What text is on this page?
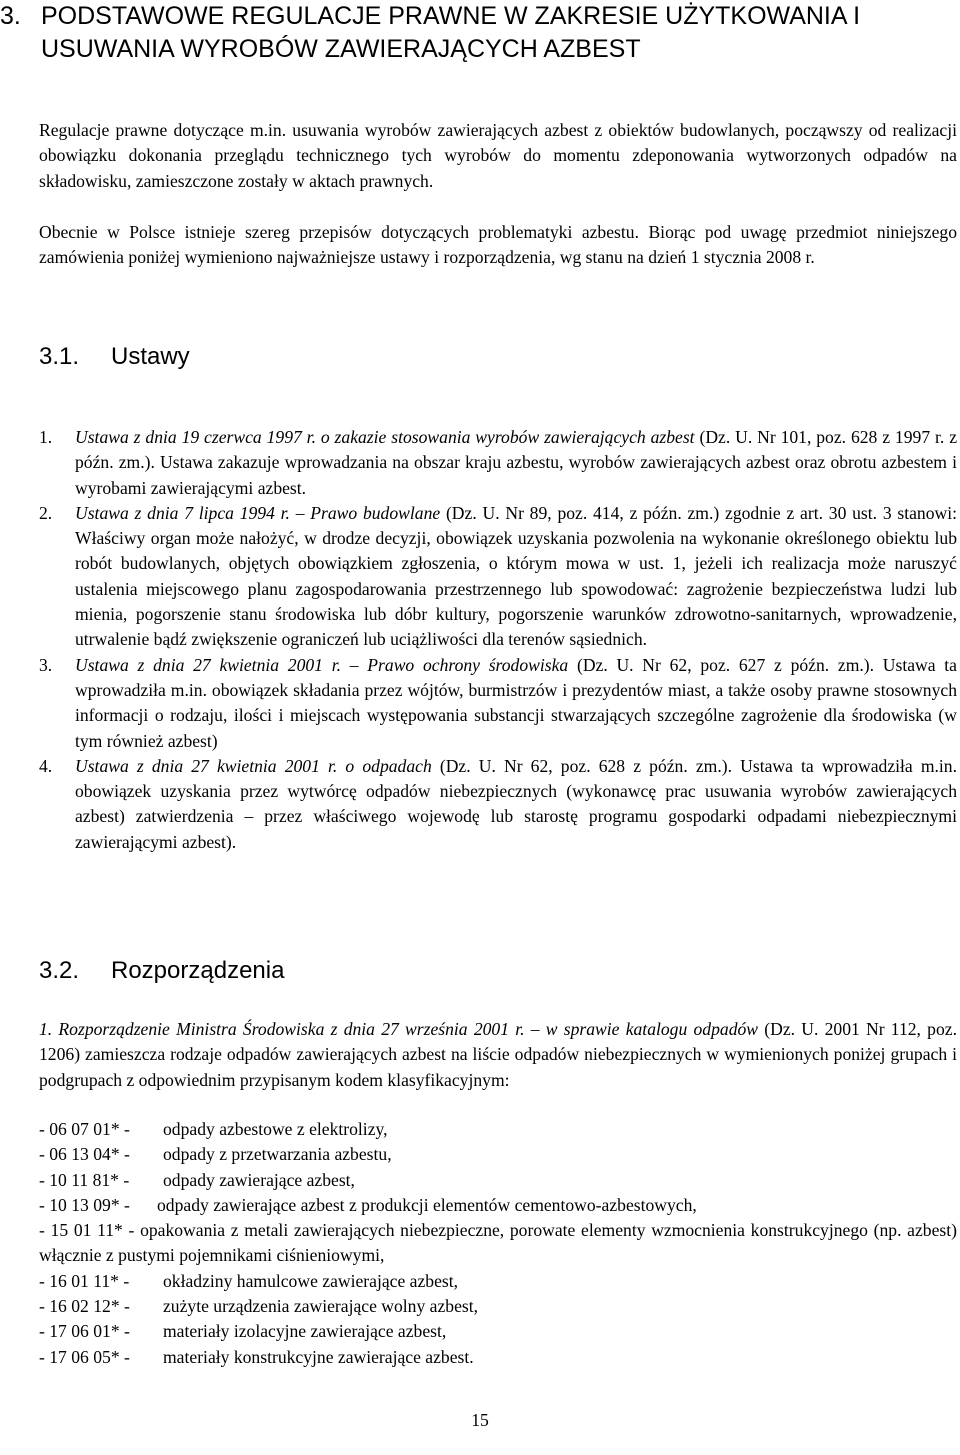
3. PODSTAWOWE REGULACJE PRAWNE W ZAKRESIE UŻYTKOWANIA I USUWANIA WYROBÓW ZAWIERAJĄCYCH AZBEST
Regulacje prawne dotyczące m.in. usuwania wyrobów zawierających azbest z obiektów budowlanych, począwszy od realizacji obowiązku dokonania przeglądu technicznego tych wyrobów do momentu zdeponowania wytworzonych odpadów na składowisku, zamieszczone zostały w aktach prawnych.
Obecnie w Polsce istnieje szereg przepisów dotyczących problematyki azbestu. Biorąc pod uwagę przedmiot niniejszego zamówienia poniżej wymieniono najważniejsze ustawy i rozporządzenia, wg stanu na dzień 1 stycznia 2008 r.
3.1. Ustawy
1. Ustawa z dnia 19 czerwca 1997 r. o zakazie stosowania wyrobów zawierających azbest (Dz. U. Nr 101, poz. 628 z 1997 r. z późn. zm.). Ustawa zakazuje wprowadzania na obszar kraju azbestu, wyrobów zawierających azbest oraz obrotu azbestem i wyrobami zawierającymi azbest.
2. Ustawa z dnia 7 lipca 1994 r. – Prawo budowlane (Dz. U. Nr 89, poz. 414, z późn. zm.) zgodnie z art. 30 ust. 3 stanowi: Właściwy organ może nałożyć, w drodze decyzji, obowiązek uzyskania pozwolenia na wykonanie określonego obiektu lub robót budowlanych, objętych obowiązkiem zgłoszenia, o którym mowa w ust. 1, jeżeli ich realizacja może naruszyć ustalenia miejscowego planu zagospodarowania przestrzennego lub spowodować: zagrożenie bezpieczeństwa ludzi lub mienia, pogorszenie stanu środowiska lub dóbr kultury, pogorszenie warunków zdrowotno-sanitarnych, wprowadzenie, utrwalenie bądź zwiększenie ograniczeń lub uciążliwości dla terenów sąsiednich.
3. Ustawa z dnia 27 kwietnia 2001 r. – Prawo ochrony środowiska (Dz. U. Nr 62, poz. 627 z późn. zm.). Ustawa ta wprowadziła m.in. obowiązek składania przez wójtów, burmistrzów i prezydentów miast, a także osoby prawne stosownych informacji o rodzaju, ilości i miejscach występowania substancji stwarzających szczególne zagrożenie dla środowiska (w tym również azbest)
4. Ustawa z dnia 27 kwietnia 2001 r. o odpadach (Dz. U. Nr 62, poz. 628 z późn. zm.). Ustawa ta wprowadziła m.in. obowiązek uzyskania przez wytwórcę odpadów niebezpiecznych (wykonawcę prac usuwania wyrobów zawierających azbest) zatwierdzenia – przez właściwego wojewodę lub starostę programu gospodarki odpadami niebezpiecznymi zawierającymi azbest).
3.2. Rozporządzenia
1. Rozporządzenie Ministra Środowiska z dnia 27 września 2001 r. – w sprawie katalogu odpadów (Dz. U. 2001 Nr 112, poz. 1206) zamieszcza rodzaje odpadów zawierających azbest na liście odpadów niebezpiecznych w wymienionych poniżej grupach i podgrupach z odpowiednim przypisanym kodem klasyfikacyjnym:
- 06 07 01* - odpady azbestowe z elektrolizy,
- 06 13 04* - odpady z przetwarzania azbestu,
- 10 11 81* - odpady zawierające azbest,
- 10 13 09* - odpady zawierające azbest z produkcji elementów cementowo-azbestowych,
- 15 01 11* - opakowania z metali zawierających niebezpieczne, porowate elementy wzmocnienia konstrukcyjnego (np. azbest) włącznie z pustymi pojemnikami ciśnieniowymi,
- 16 01 11* - okładziny hamulcowe zawierające azbest,
- 16 02 12* - zużyte urządzenia zawierające wolny azbest,
- 17 06 01* - materiały izolacyjne zawierające azbest,
- 17 06 05* - materiały konstrukcyjne zawierające azbest.
15
